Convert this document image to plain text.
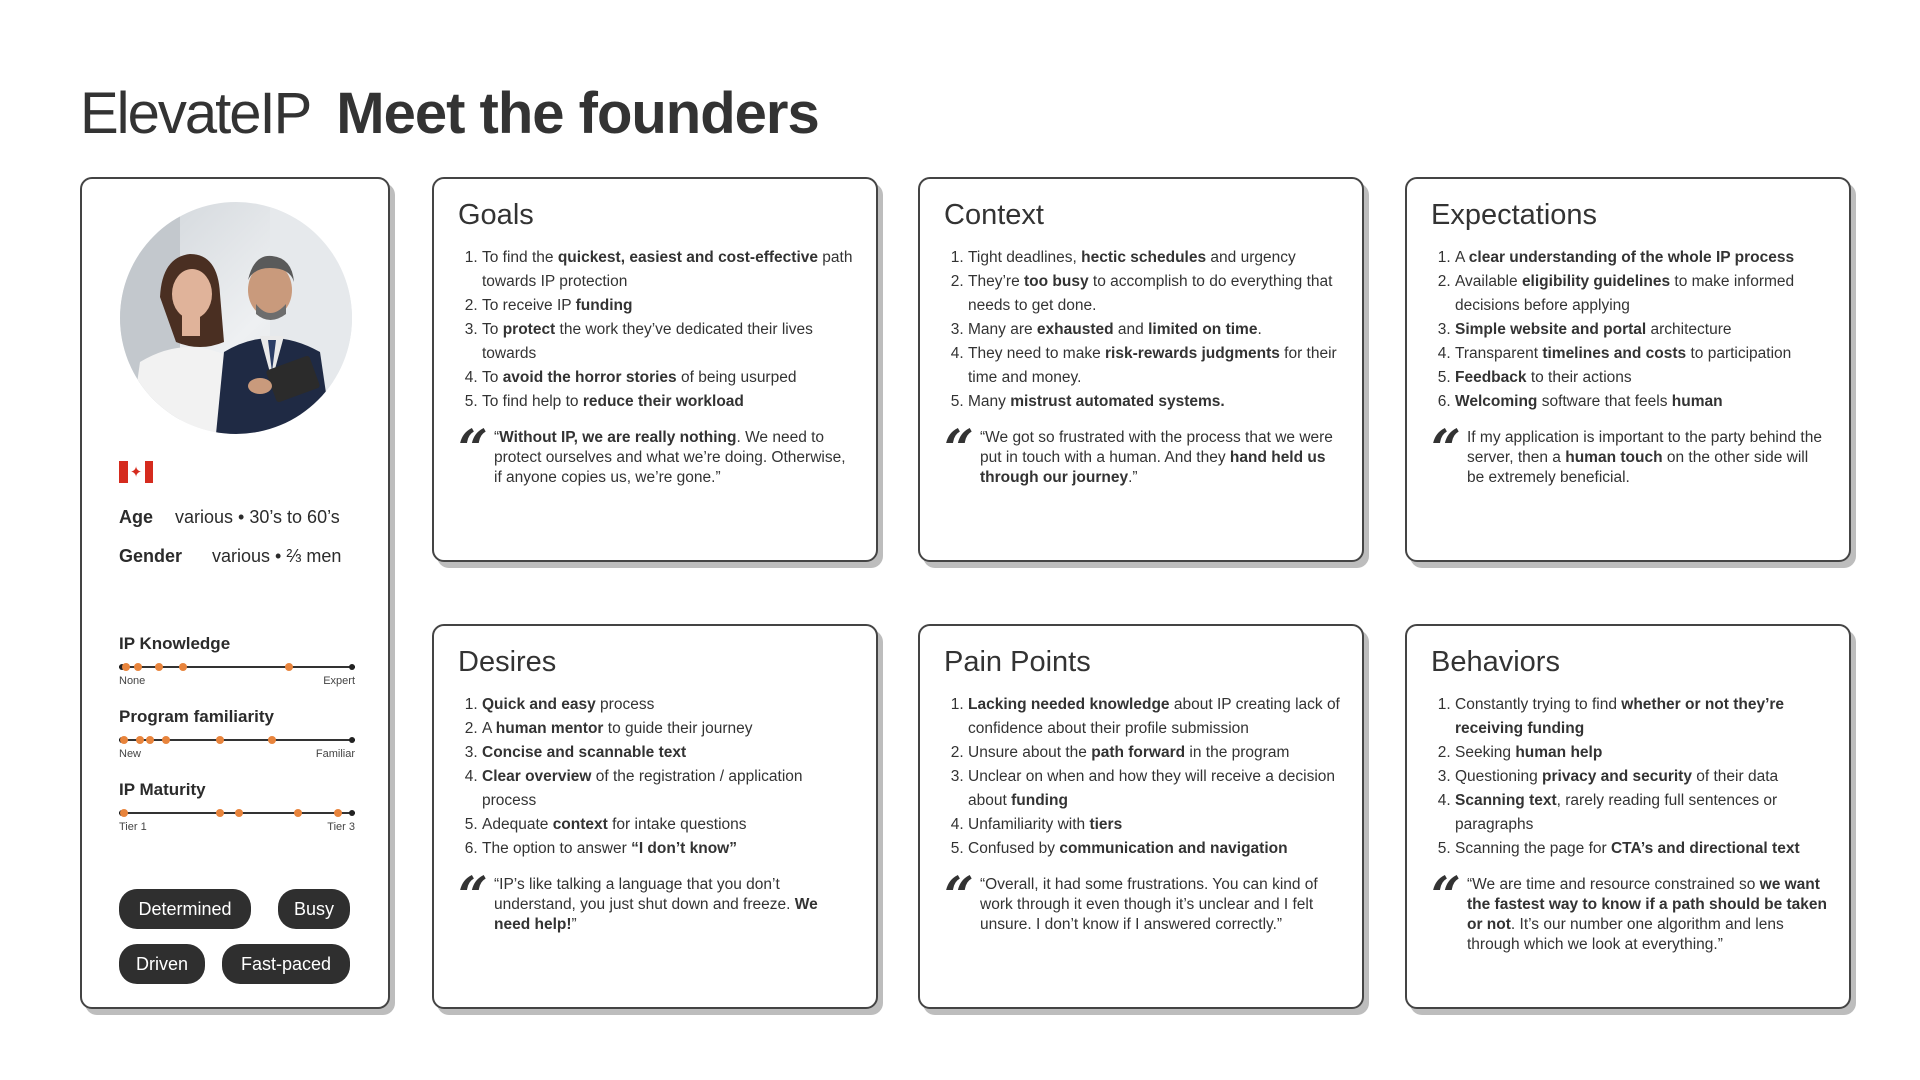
ElevateIP Meet the founders
✦
Age various • 30’s to 60’s
Gender various • ⅔ men
IP Knowledge
None	Expert
Program familiarity
New	Familiar
IP Maturity
Tier 1	Tier 3
Determined	Busy
Driven	Fast-paced
Goals
1. To find the quickest, easiest and cost-effective path towards IP protection
2. To receive IP funding
3. To protect the work they’ve dedicated their lives towards
4. To avoid the horror stories of being usurped
5. To find help to reduce their workload
“ “Without IP, we are really nothing. We need to protect ourselves and what we’re doing. Otherwise, if anyone copies us, we’re gone.”

Context
1. Tight deadlines, hectic schedules and urgency
2. They’re too busy to accomplish to do everything that needs to get done.
3. Many are exhausted and limited on time.
4. They need to make risk-rewards judgments for their time and money.
5. Many mistrust automated systems.
“ “We got so frustrated with the process that we were put in touch with a human. And they hand held us through our journey.”

Expectations
1. A clear understanding of the whole IP process
2. Available eligibility guidelines to make informed decisions before applying
3. Simple website and portal architecture
4. Transparent timelines and costs to participation
5. Feedback to their actions
6. Welcoming software that feels human
“ If my application is important to the party behind the server, then a human touch on the other side will be extremely beneficial.

Desires
1. Quick and easy process
2. A human mentor to guide their journey
3. Concise and scannable text
4. Clear overview of the registration / application process
5. Adequate context for intake questions
6. The option to answer “I don’t know”
“ “IP’s like talking a language that you don’t understand, you just shut down and freeze. We need help!”

Pain Points
1. Lacking needed knowledge about IP creating lack of confidence about their profile submission
2. Unsure about the path forward in the program
3. Unclear on when and how they will receive a decision about funding
4. Unfamiliarity with tiers
5. Confused by communication and navigation
“ “Overall, it had some frustrations. You can kind of work through it even though it’s unclear and I felt unsure. I don’t know if I answered correctly.”

Behaviors
1. Constantly trying to find whether or not they’re receiving funding
2. Seeking human help
3. Questioning privacy and security of their data
4. Scanning text, rarely reading full sentences or paragraphs
5. Scanning the page for CTA’s and directional text
“ “We are time and resource constrained so we want the fastest way to know if a path should be taken or not. It’s our number one algorithm and lens through which we look at everything.”
